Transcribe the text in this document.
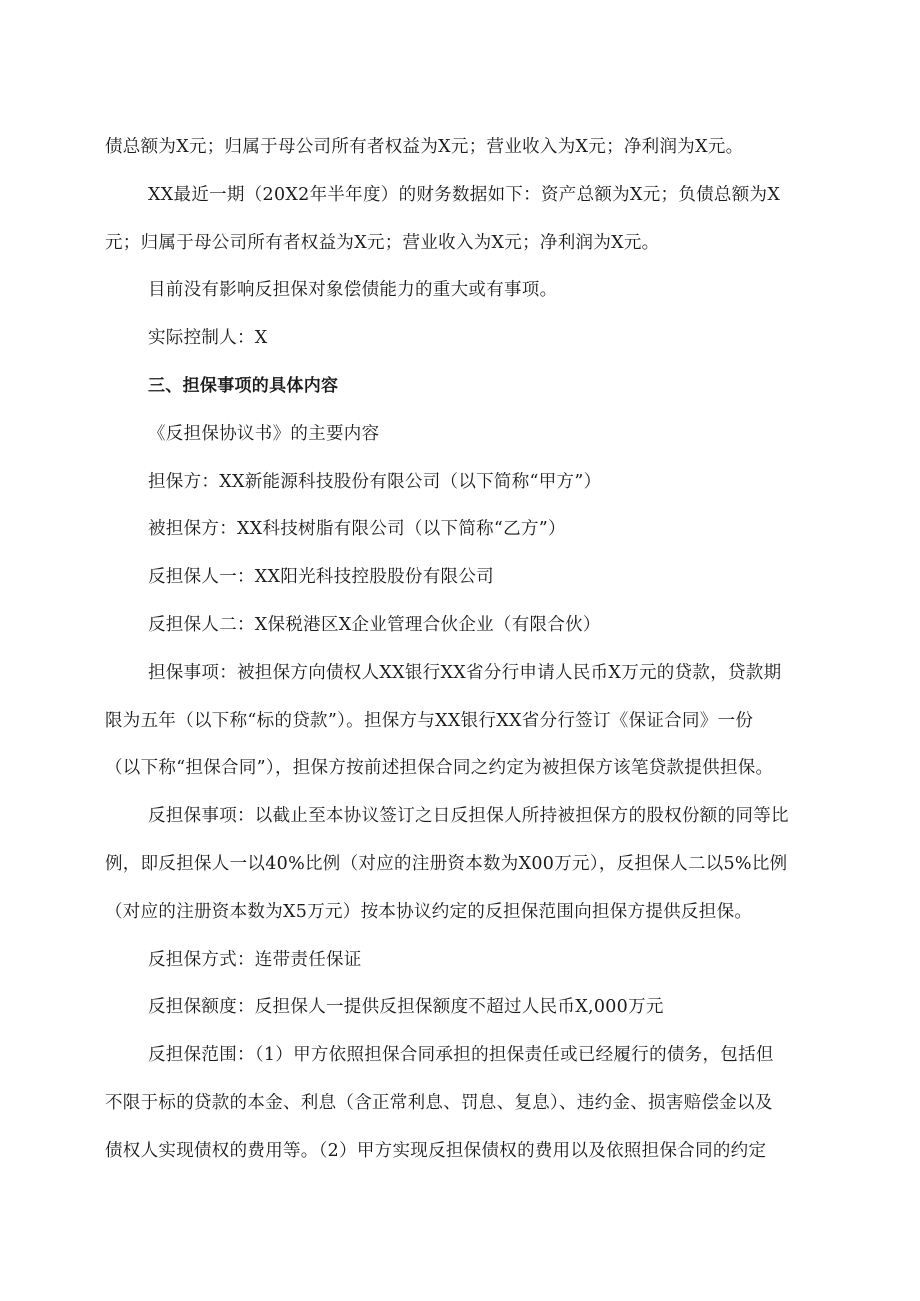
债总额为X元；归属于母公司所有者权益为X元；营业收入为X元；净利润为X元。
XX最近一期（20X2年半年度）的财务数据如下：资产总额为X元；负债总额为X
元；归属于母公司所有者权益为X元；营业收入为X元；净利润为X元。
目前没有影响反担保对象偿债能力的重大或有事项。
实际控制人：X
三、担保事项的具体内容
《反担保协议书》的主要内容
担保方：XX新能源科技股份有限公司（以下简称“甲方”）
被担保方：XX科技树脂有限公司（以下简称“乙方”）
反担保人一：XX阳光科技控股股份有限公司
反担保人二：X保税港区X企业管理合伙企业（有限合伙）
担保事项：被担保方向债权人XX银行XX省分行申请人民币X万元的贷款，贷款期
限为五年（以下称“标的贷款”）。担保方与XX银行XX省分行签订《保证合同》一份
（以下称“担保合同”），担保方按前述担保合同之约定为被担保方该笔贷款提供担保。
反担保事项：以截止至本协议签订之日反担保人所持被担保方的股权份额的同等比
例，即反担保人一以40%比例（对应的注册资本数为X00万元），反担保人二以5%比例
（对应的注册资本数为X5万元）按本协议约定的反担保范围向担保方提供反担保。
反担保方式：连带责任保证
反担保额度：反担保人一提供反担保额度不超过人民币X,000万元
反担保范围：（1）甲方依照担保合同承担的担保责任或已经履行的债务，包括但
不限于标的贷款的本金、利息（含正常利息、罚息、复息）、违约金、损害赔偿金以及
债权人实现债权的费用等。（2）甲方实现反担保债权的费用以及依照担保合同的约定
